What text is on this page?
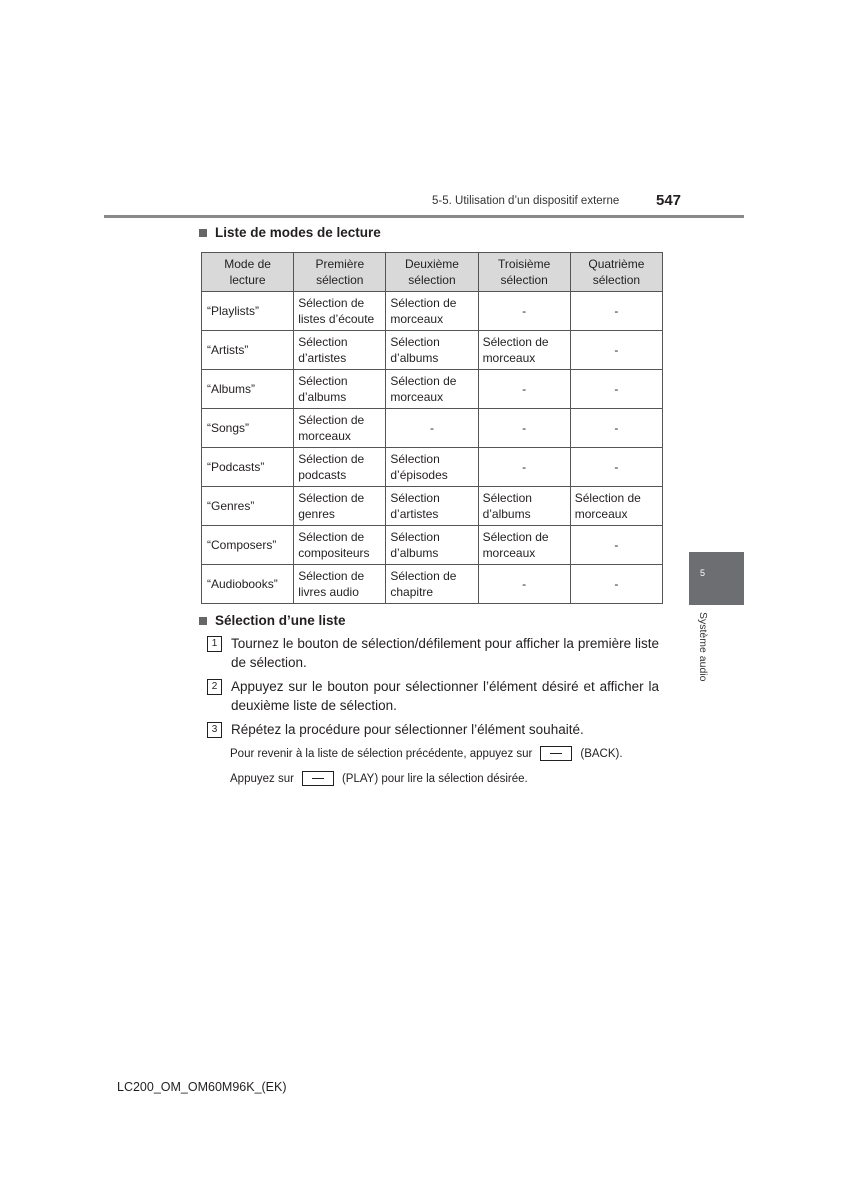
5-5. Utilisation d’un dispositif externe 547
Liste de modes de lecture
Mode de lecture	Première sélection	Deuxième sélection	Troisième sélection	Quatrième sélection
“Playlists”	Sélection de listes d’écoute	Sélection de morceaux	-	-
“Artists”	Sélection d’artistes	Sélection d’albums	Sélection de morceaux	-
“Albums”	Sélection d’albums	Sélection de morceaux	-	-
“Songs”	Sélection de morceaux	-	-	-
“Podcasts”	Sélection de podcasts	Sélection d’épisodes	-	-
“Genres”	Sélection de genres	Sélection d’artistes	Sélection d’albums	Sélection de morceaux
“Composers”	Sélection de compositeurs	Sélection d’albums	Sélection de morceaux	-
“Audiobooks”	Sélection de livres audio	Sélection de chapitre	-	-
Sélection d’une liste
1	Tournez le bouton de sélection/défilement pour afficher la première liste de sélection.
2	Appuyez sur le bouton pour sélectionner l’élément désiré et afficher la deuxième liste de sélection.
3	Répétez la procédure pour sélectionner l’élément souhaité.
Pour revenir à la liste de sélection précédente, appuyez sur	(BACK).
Appuyez sur	(PLAY) pour lire la sélection désirée.
5
Système audio
LC200_OM_OM60M96K_(EK)
